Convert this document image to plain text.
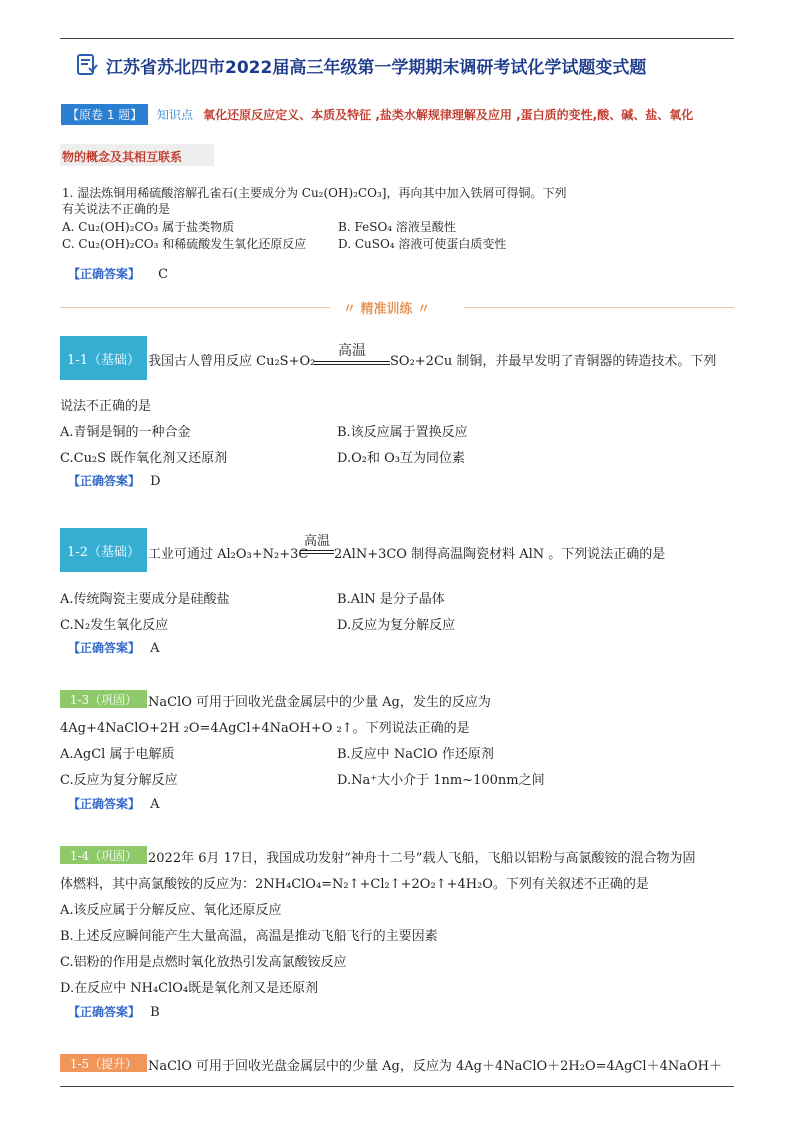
江苏省苏北四市2022届高三年级第一学期期末调研考试化学试题变式题
【原卷 1 题】	知识点 氧化还原反应定义、本质及特征 ,盐类水解规律理解及应用 ,蛋白质的变性,酸、碱、盐、氧化
物的概念及其相互联系
1. 湿法炼铜用稀硫酸溶解孔雀石(主要成分为 Cu₂(OH)₂CO₃]，再向其中加入铁屑可得铜。下列
有关说法不正确的是
A. Cu₂(OH)₂CO₃ 属于盐类物质	B. FeSO₄ 溶液呈酸性
C. Cu₂(OH)₂CO₃ 和稀硫酸发生氧化还原反应	D. CuSO₄ 溶液可使蛋白质变性
【正确答案】 C
〃 精准训练 〃
1-1（基础） 我国古人曾用反应 Cu₂S+O₂
高温
SO₂+2Cu 制铜，并最早发明了青铜器的铸造技术。下列
说法不正确的是
A.青铜是铜的一种合金	B.该反应属于置换反应
C.Cu₂S 既作氧化剂又还原剂	D.O₂和 O₃互为同位素
【正确答案】 D
1-2（基础） 工业可通过 Al₂O₃+N₂+3C
高温
2AlN+3CO 制得高温陶瓷材料 AlN 。下列说法正确的是
A.传统陶瓷主要成分是硅酸盐	B.AlN 是分子晶体
C.N₂发生氧化反应	D.反应为复分解反应
【正确答案】 A
1-3（巩固） NaClO 可用于回收光盘金属层中的少量 Ag，发生的反应为
4Ag+4NaClO+2H ₂O=4AgCl+4NaOH+O ₂↑。下列说法正确的是
A.AgCl 属于电解质	B.反应中 NaClO 作还原剂
C.反应为复分解反应	D.Na⁺大小介于 1nm~100nm之间
【正确答案】 A
1-4（巩固） 2022年 6月 17日，我国成功发射“神舟十二号”载人飞船，飞船以铝粉与高氯酸铵的混合物为固
体燃料，其中高氯酸铵的反应为：2NH₄ClO₄=N₂↑+Cl₂↑+2O₂↑+4H₂O。下列有关叙述不正确的是
A.该反应属于分解反应、氧化还原反应
B.上述反应瞬间能产生大量高温，高温是推动飞船飞行的主要因素
C.铝粉的作用是点燃时氧化放热引发高氯酸铵反应
D.在反应中 NH₄ClO₄既是氧化剂又是还原剂
【正确答案】 B
1-5（提升） NaClO 可用于回收光盘金属层中的少量 Ag，反应为 4Ag＋4NaClO＋2H₂O=4AgCl＋4NaOH＋
